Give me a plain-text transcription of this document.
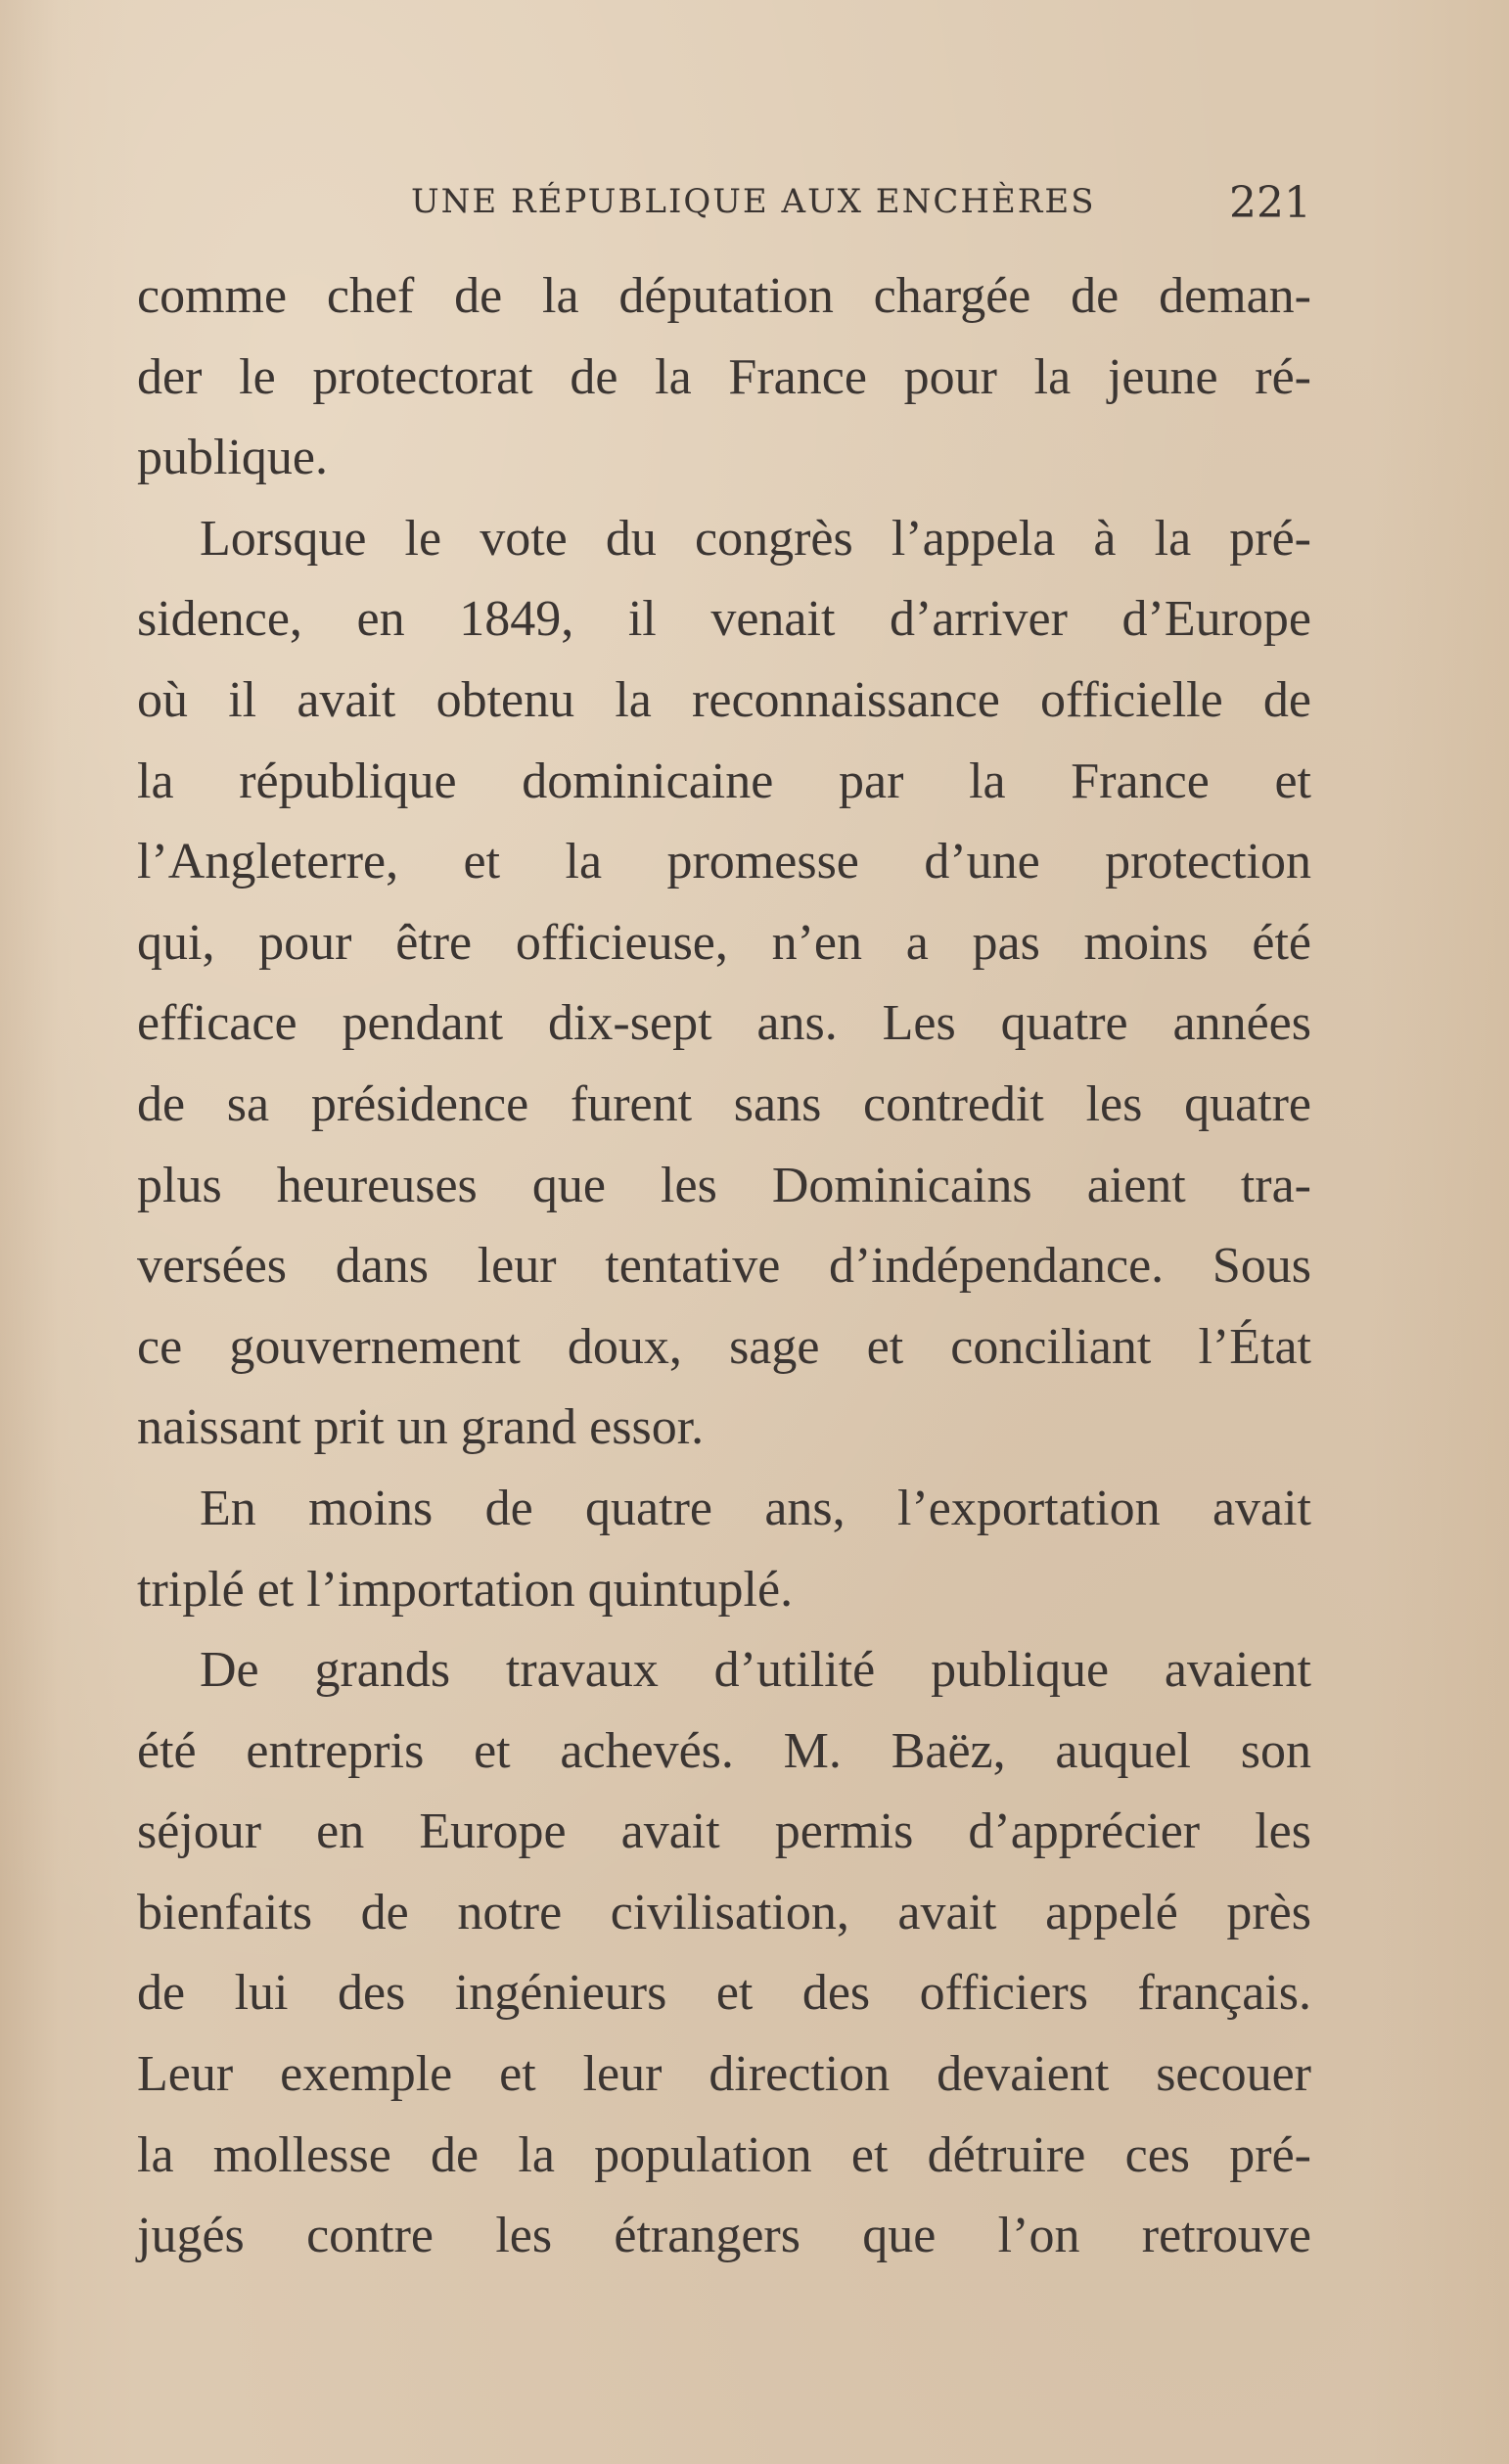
UNE RÉPUBLIQUE AUX ENCHÈRES	221
comme chef de la députation chargée de deman-
der le protectorat de la France pour la jeune ré-
publique.
Lorsque le vote du congrès l’appela à la pré-
sidence, en 1849, il venait d’arriver d’Europe
où il avait obtenu la reconnaissance officielle de
la république dominicaine par la France et
l’Angleterre, et la promesse d’une protection
qui, pour être officieuse, n’en a pas moins été
efficace pendant dix-sept ans. Les quatre années
de sa présidence furent sans contredit les quatre
plus heureuses que les Dominicains aient tra-
versées dans leur tentative d’indépendance. Sous
ce gouvernement doux, sage et conciliant l’État
naissant prit un grand essor.
En moins de quatre ans, l’exportation avait
triplé et l’importation quintuplé.
De grands travaux d’utilité publique avaient
été entrepris et achevés. M. Baëz, auquel son
séjour en Europe avait permis d’apprécier les
bienfaits de notre civilisation, avait appelé près
de lui des ingénieurs et des officiers français.
Leur exemple et leur direction devaient secouer
la mollesse de la population et détruire ces pré-
jugés contre les étrangers que l’on retrouve
